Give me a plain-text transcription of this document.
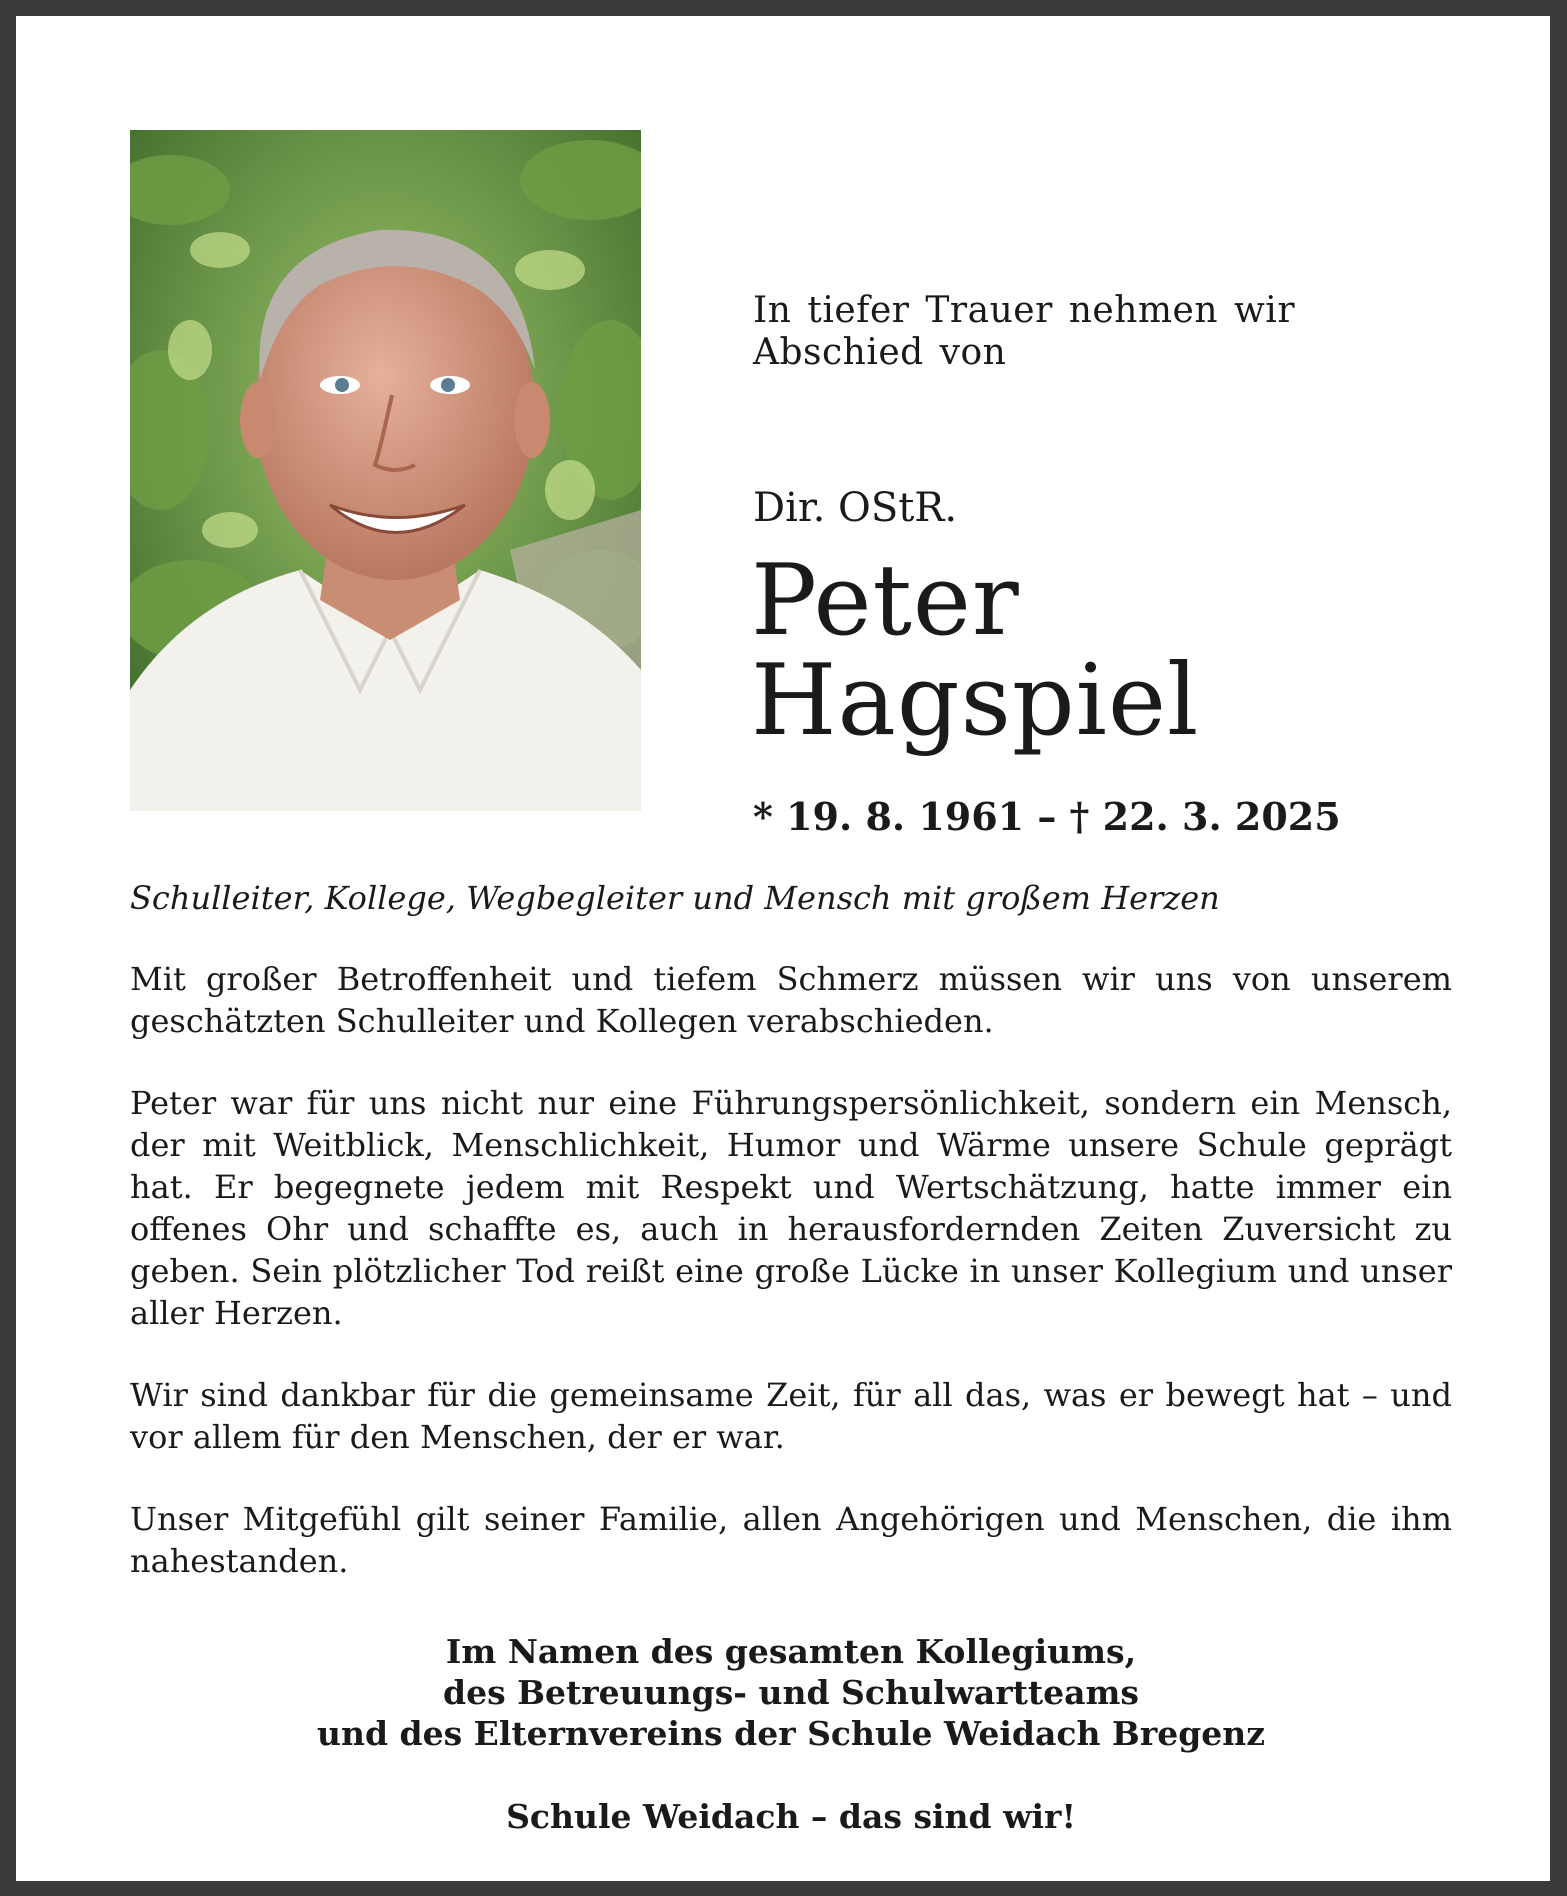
In tiefer Trauer nehmen wir Abschied von

Dir. OStR.

Peter
Hagspiel

* 19. 8. 1961 – † 22. 3. 2025

Schulleiter, Kollege, Wegbegleiter und Mensch mit großem Herzen

Mit großer Betroffenheit und tiefem Schmerz müssen wir uns von unserem geschätzten Schulleiter und Kollegen verabschieden.

Peter war für uns nicht nur eine Führungspersönlichkeit, sondern ein Mensch, der mit Weitblick, Menschlichkeit, Humor und Wärme unsere Schule geprägt hat. Er begegnete jedem mit Respekt und Wertschätzung, hatte immer ein offenes Ohr und schaffte es, auch in herausfordernden Zeiten Zuversicht zu geben. Sein plötzlicher Tod reißt eine große Lücke in unser Kollegium und unser aller Herzen.

Wir sind dankbar für die gemeinsame Zeit, für all das, was er bewegt hat – und vor allem für den Menschen, der er war.

Unser Mitgefühl gilt seiner Familie, allen Angehörigen und Menschen, die ihm nahestanden.

Im Namen des gesamten Kollegiums,
des Betreuungs- und Schulwartteams
und des Elternvereins der Schule Weidach Bregenz

Schule Weidach – das sind wir!
